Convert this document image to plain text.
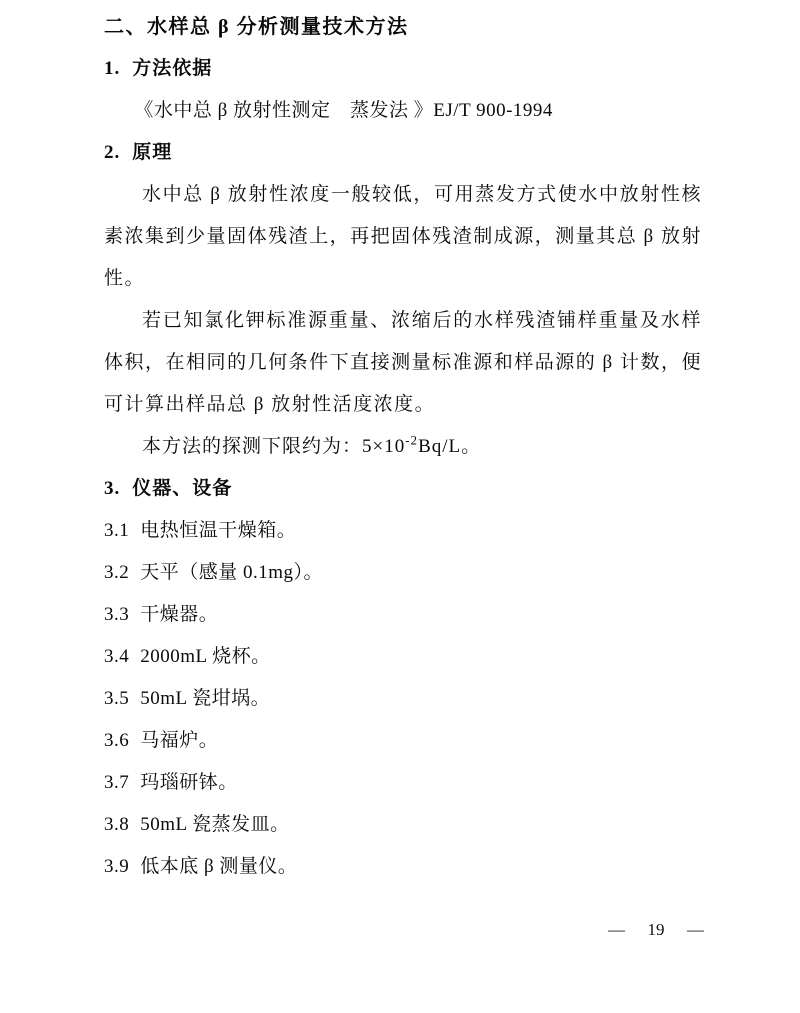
二、水样总 β 分析测量技术方法

1. 方法依据

《水中总 β 放射性测定　蒸发法 》EJ/T 900-1994

2. 原理

水中总 β 放射性浓度一般较低，可用蒸发方式使水中放射性核素浓集到少量固体残渣上，再把固体残渣制成源，测量其总 β 放射性。

若已知氯化钾标准源重量、浓缩后的水样残渣铺样重量及水样体积，在相同的几何条件下直接测量标准源和样品源的 β 计数，便可计算出样品总 β 放射性活度浓度。

本方法的探测下限约为：$5\times 10^{-2}Bq/L$。

3. 仪器、设备

3.1 电热恒温干燥箱。

3.2 天平（感量 0.1mg）。

3.3 干燥器。

3.4 2000mL 烧杯。

3.5 50mL 瓷坩埚。

3.6 马福炉。

3.7 玛瑙研钵。

3.8 50mL 瓷蒸发皿。

3.9 低本底 β 测量仪。

— 19 —
